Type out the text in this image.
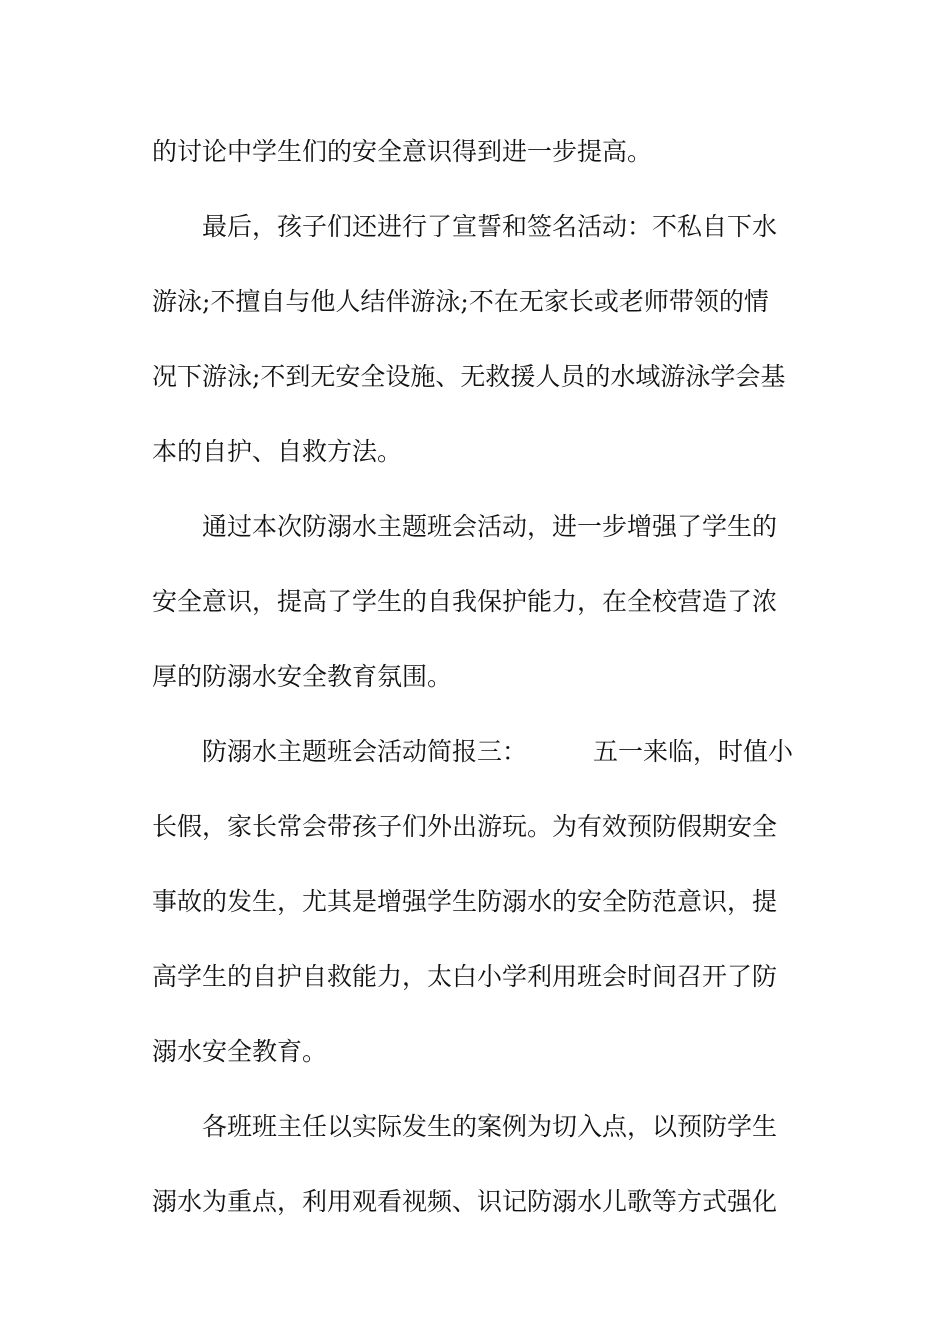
的讨论中学生们的安全意识得到进一步提高。
最后，孩子们还进行了宣誓和签名活动：不私自下水
游泳;不擅自与他人结伴游泳;不在无家长或老师带领的情
况下游泳;不到无安全设施、无救援人员的水域游泳学会基
本的自护、自救方法。
通过本次防溺水主题班会活动，进一步增强了学生的
安全意识，提高了学生的自我保护能力，在全校营造了浓
厚的防溺水安全教育氛围。
防溺水主题班会活动简报三：	五一来临，时值小
长假，家长常会带孩子们外出游玩。为有效预防假期安全
事故的发生，尤其是增强学生防溺水的安全防范意识，提
高学生的自护自救能力，太白小学利用班会时间召开了防
溺水安全教育。
各班班主任以实际发生的案例为切入点，以预防学生
溺水为重点，利用观看视频、识记防溺水儿歌等方式强化
